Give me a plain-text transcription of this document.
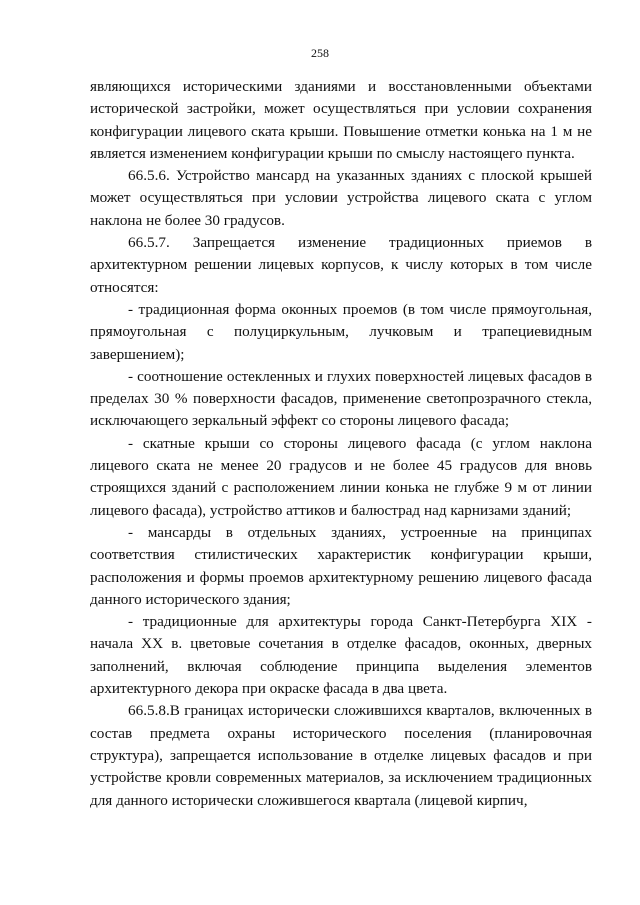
258

являющихся историческими зданиями и восстановленными объектами исторической застройки, может осуществляться при условии сохранения конфигурации лицевого ската крыши. Повышение отметки конька на 1 м не является изменением конфигурации крыши по смыслу настоящего пункта.

66.5.6. Устройство мансард на указанных зданиях с плоской крышей может осуществляться при условии устройства лицевого ската с углом наклона не более 30 градусов.

66.5.7. Запрещается изменение традиционных приемов в архитектурном решении лицевых корпусов, к числу которых в том числе относятся:

- традиционная форма оконных проемов (в том числе прямоугольная, прямоугольная с полуциркульным, лучковым и трапециевидным завершением);

- соотношение остекленных и глухих поверхностей лицевых фасадов в пределах 30 % поверхности фасадов, применение светопрозрачного стекла, исключающего зеркальный эффект со стороны лицевого фасада;

- скатные крыши со стороны лицевого фасада (с углом наклона лицевого ската не менее 20 градусов и не более 45 градусов для вновь строящихся зданий с расположением линии конька не глубже 9 м от линии лицевого фасада), устройство аттиков и балюстрад над карнизами зданий;

- мансарды в отдельных зданиях, устроенные на принципах соответствия стилистических характеристик конфигурации крыши, расположения и формы проемов архитектурному решению лицевого фасада данного исторического здания;

- традиционные для архитектуры города Санкт-Петербурга XIX - начала XX в. цветовые сочетания в отделке фасадов, оконных, дверных заполнений, включая соблюдение принципа выделения элементов архитектурного декора при окраске фасада в два цвета.

66.5.8.В границах исторически сложившихся кварталов, включенных в состав предмета охраны исторического поселения (планировочная структура), запрещается использование в отделке лицевых фасадов и при устройстве кровли современных материалов, за исключением традиционных для данного исторически сложившегося квартала (лицевой кирпич,
